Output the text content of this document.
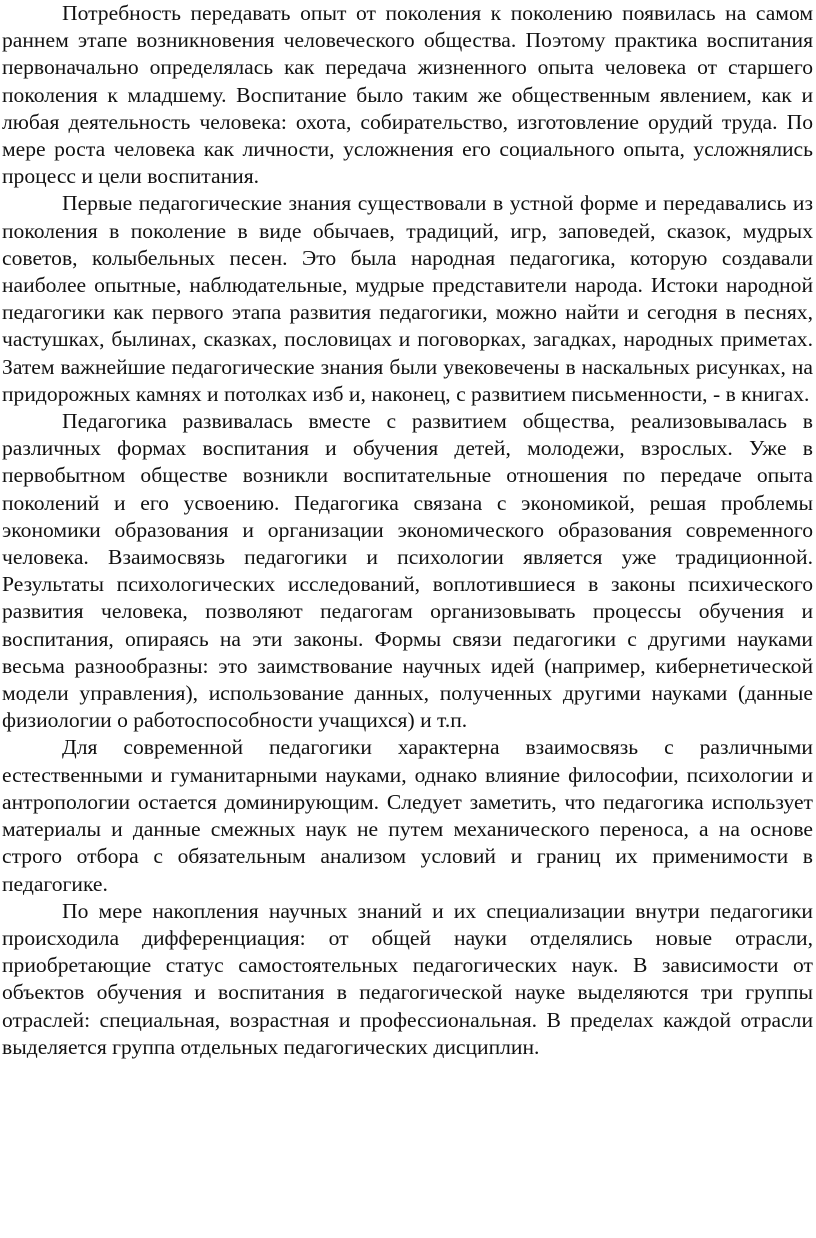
Потребность передавать опыт от поколения к поколению появилась на самом раннем этапе возникновения человеческого общества. Поэтому практика воспитания первоначально определялась как передача жизненного опыта человека от старшего поколения к младшему. Воспитание было таким же общественным явлением, как и любая деятельность человека: охота, собирательство, изготовление орудий труда. По мере роста человека как личности, усложнения его социального опыта, усложнялись процесс и цели воспитания.

Первые педагогические знания существовали в устной форме и передавались из поколения в поколение в виде обычаев, традиций, игр, заповедей, сказок, мудрых советов, колыбельных песен. Это была народная педагогика, которую создавали наиболее опытные, наблюдательные, мудрые представители народа. Истоки народной педагогики как первого этапа развития педагогики, можно найти и сегодня в песнях, частушках, былинах, сказках, пословицах и поговорках, загадках, народных приметах. Затем важнейшие педагогические знания были увековечены в наскальных рисунках, на придорожных камнях и потолках изб и, наконец, с развитием письменности, - в книгах.

Педагогика развивалась вместе с развитием общества, реализовывалась в различных формах воспитания и обучения детей, молодежи, взрослых. Уже в первобытном обществе возникли воспитательные отношения по передаче опыта поколений и его усвоению. Педагогика связана с экономикой, решая проблемы экономики образования и организации экономического образования современного человека. Взаимосвязь педагогики и психологии является уже традиционной. Результаты психологических исследований, воплотившиеся в законы психического развития человека, позволяют педагогам организовывать процессы обучения и воспитания, опираясь на эти законы. Формы связи педагогики с другими науками весьма разнообразны: это заимствование научных идей (например, кибернетической модели управления), использование данных, полученных другими науками (данные физиологии о работоспособности учащихся) и т.п.

Для современной педагогики характерна взаимосвязь с различными естественными и гуманитарными науками, однако влияние философии, психологии и антропологии остается доминирующим. Следует заметить, что педагогика использует материалы и данные смежных наук не путем механического переноса, а на основе строго отбора с обязательным анализом условий и границ их применимости в педагогике.

По мере накопления научных знаний и их специализации внутри педагогики происходила дифференциация: от общей науки отделялись новые отрасли, приобретающие статус самостоятельных педагогических наук. В зависимости от объектов обучения и воспитания в педагогической науке выделяются три группы отраслей: специальная, возрастная и профессиональная. В пределах каждой отрасли выделяется группа отдельных педагогических дисциплин.
